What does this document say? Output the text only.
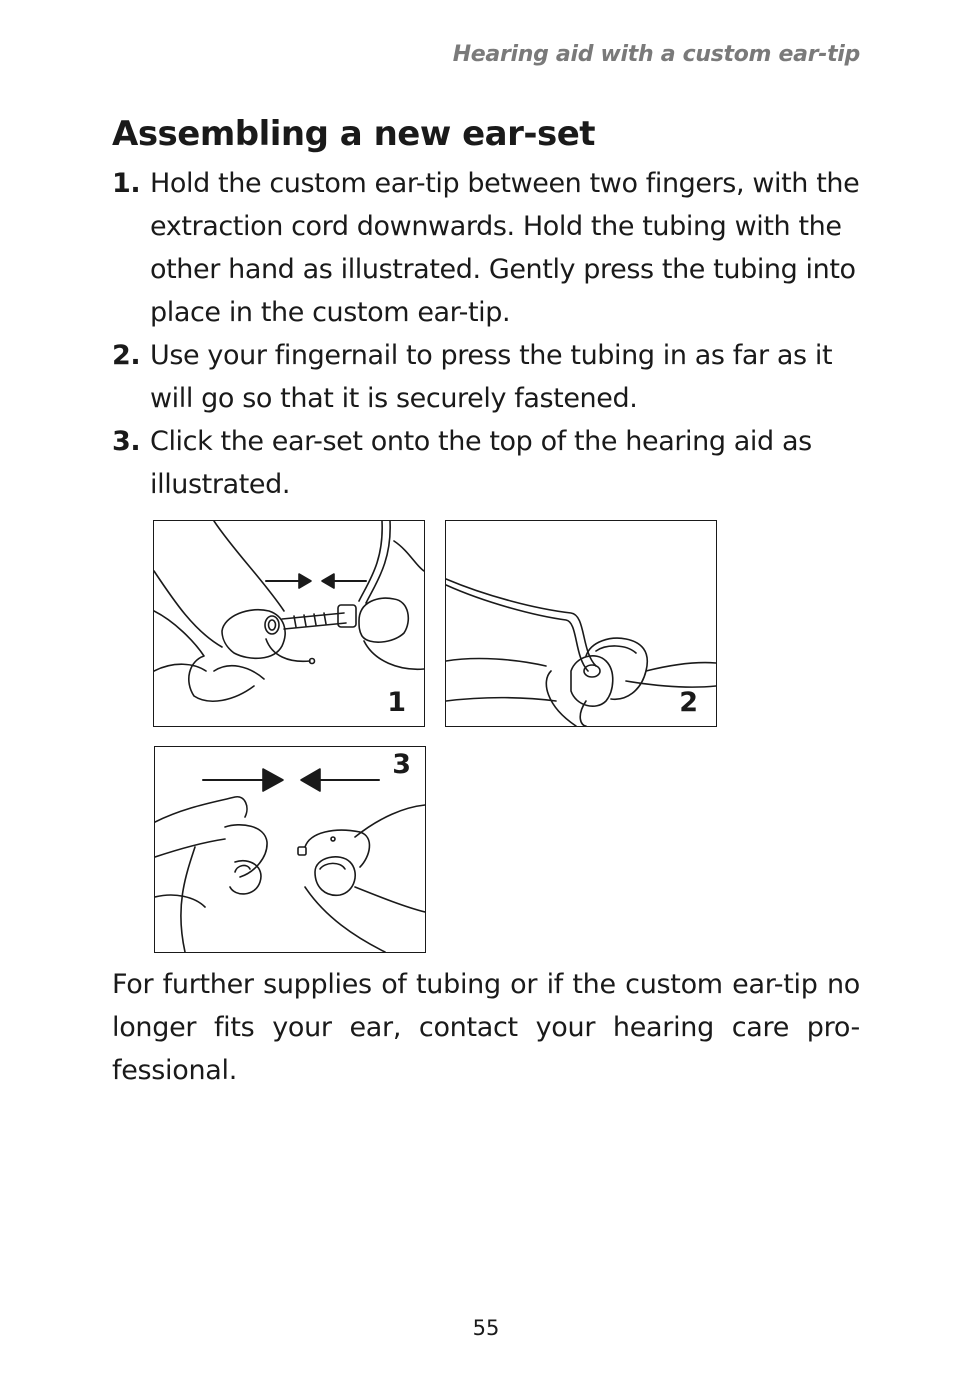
Hearing aid with a custom ear-tip
Assembling a new ear-set
1. Hold the custom ear-tip between two fingers, with the extraction cord downwards. Hold the tubing with the other hand as illustrated. Gently press the tubing into place in the custom ear-tip.
2. Use your fingernail to press the tubing in as far as it will go so that it is securely fastened.
3. Click the ear-set onto the top of the hearing aid as illustrated.
1	2
3

For further supplies of tubing or if the custom ear-tip no longer fits your ear, contact your hearing care pro-fessional.

55
